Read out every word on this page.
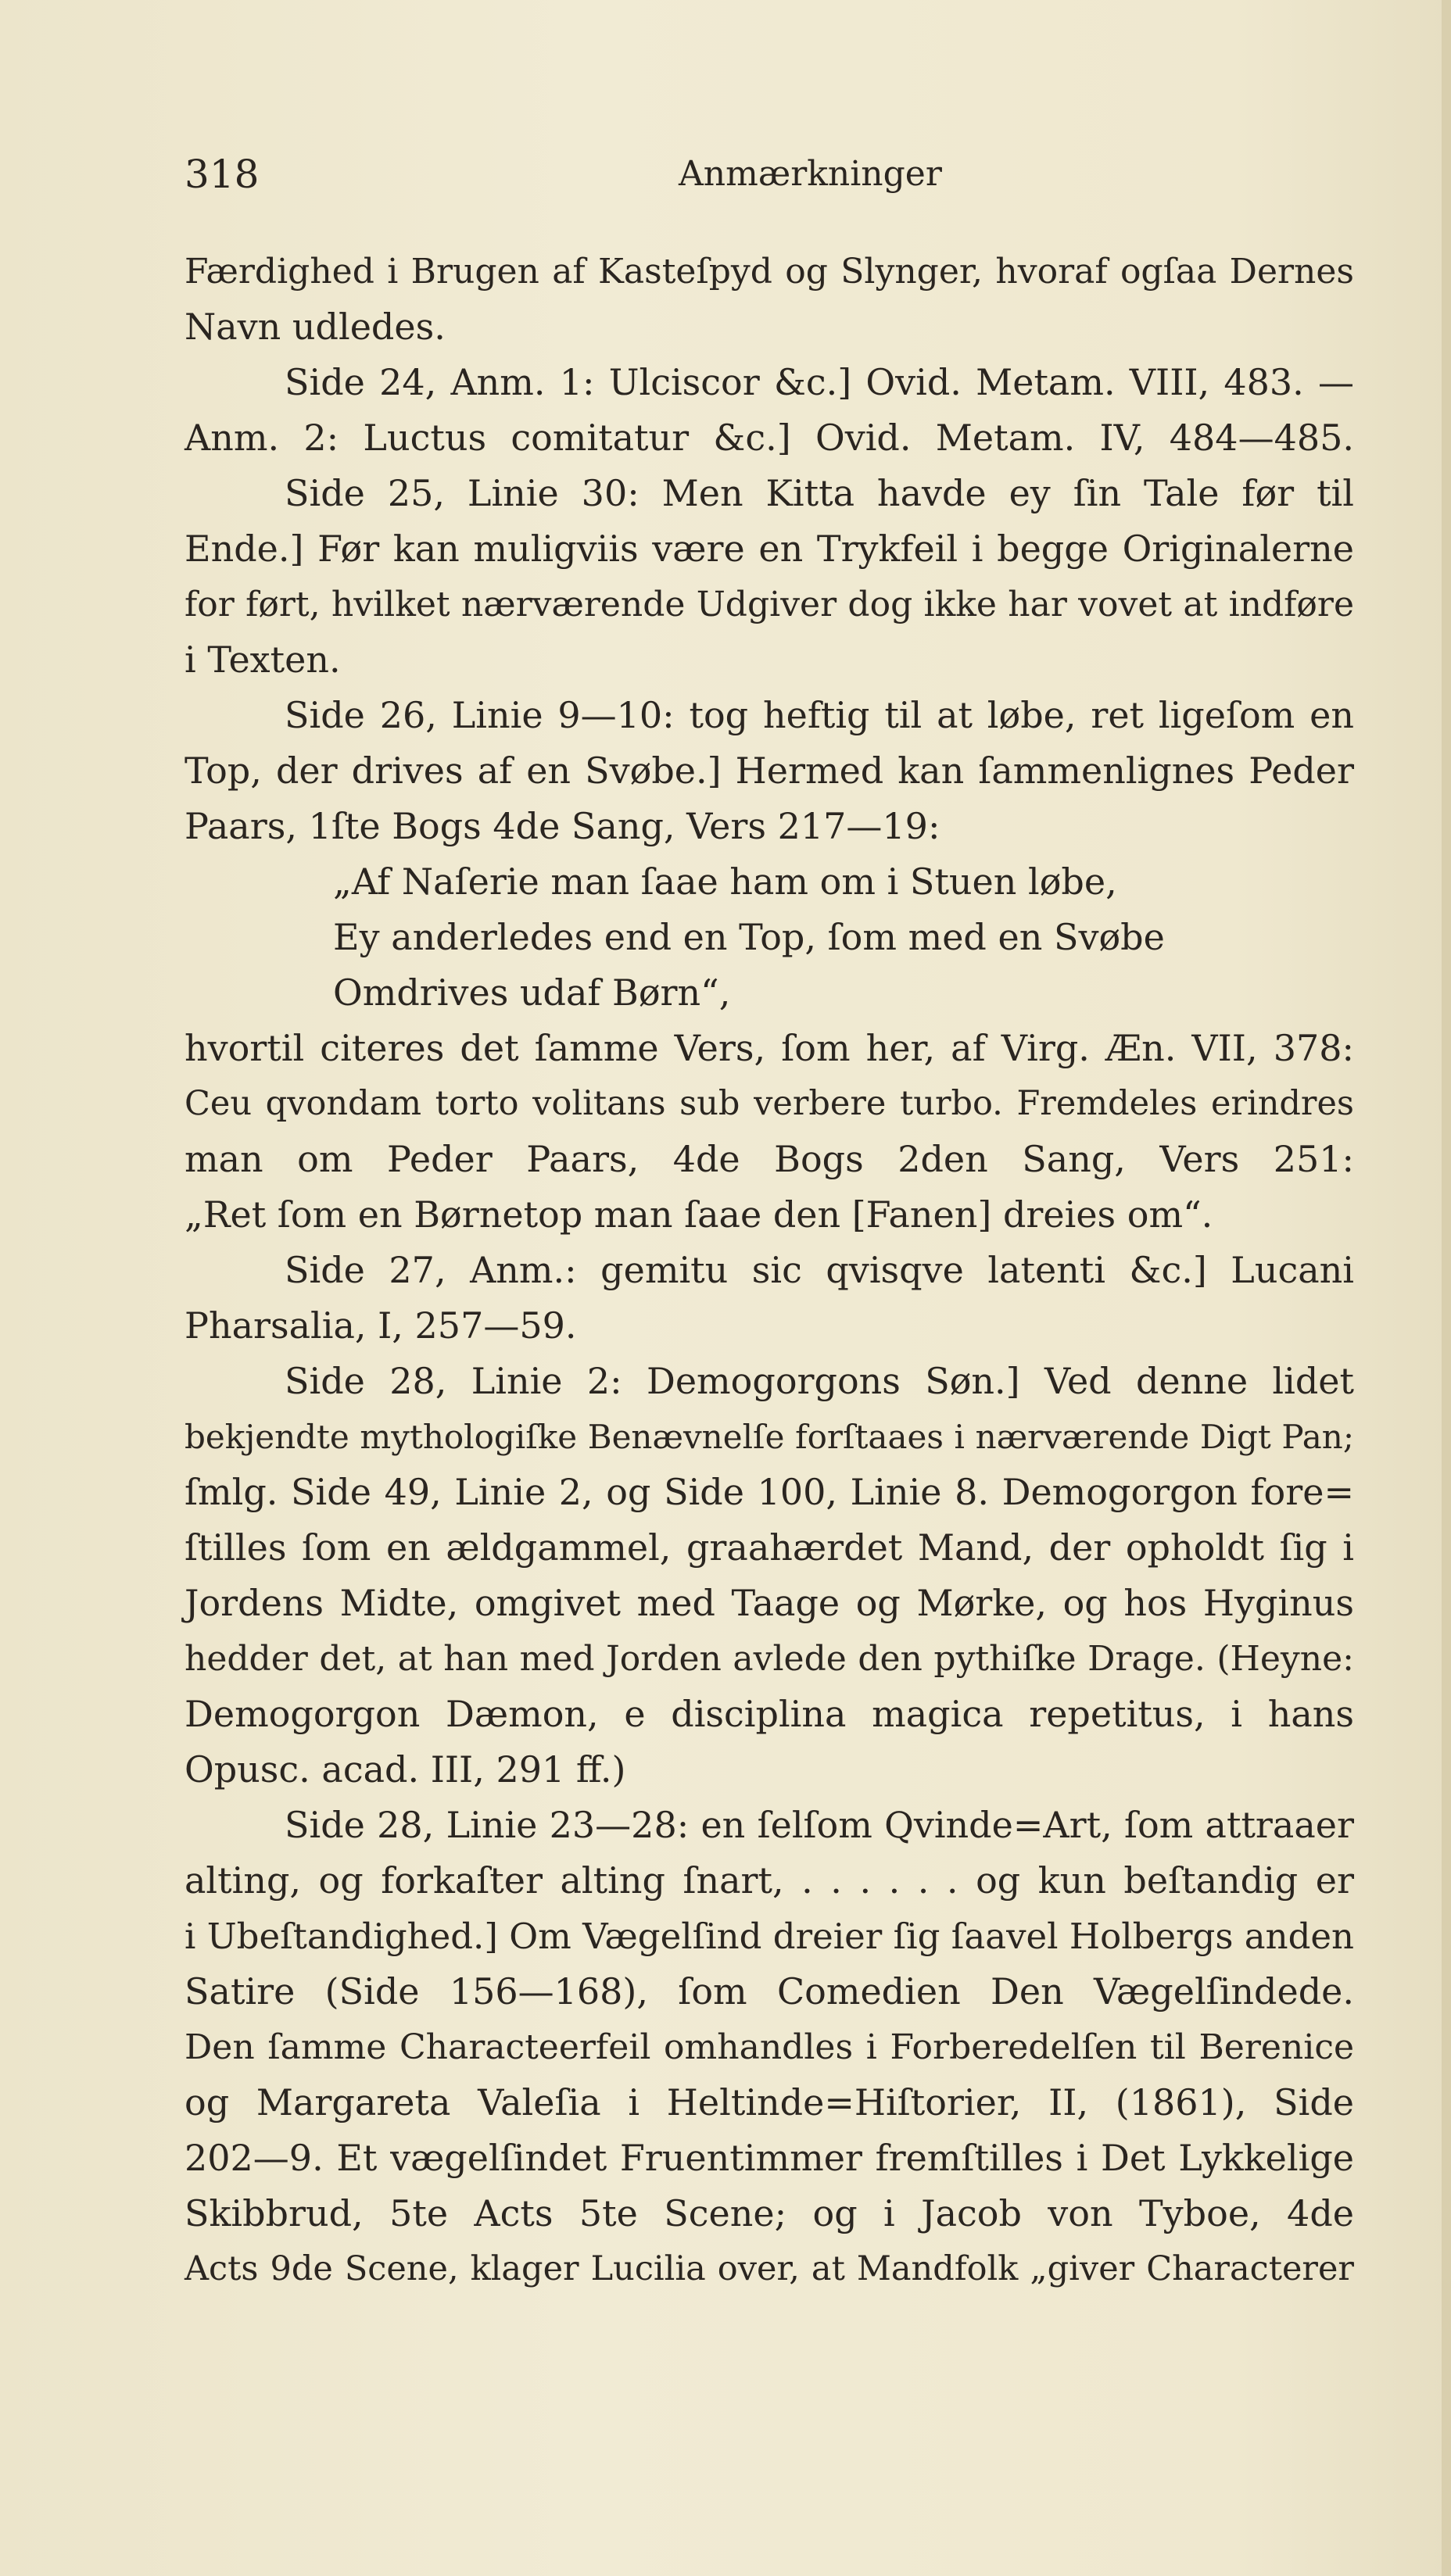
318	Anmærkninger
Færdighed i Brugen af Kasteſpyd og Slynger, hvoraf ogſaa Dernes
Navn udledes.
Side 24, Anm. 1: Ulciscor &c.] Ovid. Metam. VIII, 483. —
Anm. 2: Luctus comitatur &c.] Ovid. Metam. IV, 484—485.
Side 25, Linie 30: Men Kitta havde ey ſin Tale før til
Ende.] Før kan muligviis være en Trykfeil i begge Originalerne
for ført, hvilket nærværende Udgiver dog ikke har vovet at indføre
i Texten.
Side 26, Linie 9—10: tog heftig til at løbe, ret ligeſom en
Top, der drives af en Svøbe.] Hermed kan ſammenlignes Peder
Paars, 1ſte Bogs 4de Sang, Vers 217—19:
„Af Naſerie man ſaae ham om i Stuen løbe,
Ey anderledes end en Top, ſom med en Svøbe
Omdrives udaf Børn“,
hvortil citeres det ſamme Vers, ſom her, af Virg. Æn. VII, 378:
Ceu qvondam torto volitans sub verbere turbo. Fremdeles erindres
man om Peder Paars, 4de Bogs 2den Sang, Vers 251:
„Ret ſom en Børnetop man ſaae den [Fanen] dreies om“.
Side 27, Anm.: gemitu sic qvisqve latenti &c.] Lucani
Pharsalia, I, 257—59.
Side 28, Linie 2: Demogorgons Søn.] Ved denne lidet
bekjendte mythologiſke Benævnelſe forſtaaes i nærværende Digt Pan;
ſmlg. Side 49, Linie 2, og Side 100, Linie 8. Demogorgon fore=
ſtilles ſom en ældgammel, graahærdet Mand, der opholdt ſig i
Jordens Midte, omgivet med Taage og Mørke, og hos Hyginus
hedder det, at han med Jorden avlede den pythiſke Drage. (Heyne:
Demogorgon Dæmon, e disciplina magica repetitus, i hans
Opusc. acad. III, 291 ff.)
Side 28, Linie 23—28: en ſelſom Qvinde=Art, ſom attraaer
alting, og forkaſter alting ſnart, . . . . . . og kun beſtandig er
i Ubeſtandighed.] Om Vægelſind dreier ſig ſaavel Holbergs anden
Satire (Side 156—168), ſom Comedien Den Vægelſindede.
Den ſamme Characteerfeil omhandles i Forberedelſen til Berenice
og Margareta Valeſia i Heltinde=Hiſtorier, II, (1861), Side
202—9. Et vægelſindet Fruentimmer fremſtilles i Det Lykkelige
Skibbrud, 5te Acts 5te Scene; og i Jacob von Tyboe, 4de
Acts 9de Scene, klager Lucilia over, at Mandfolk „giver Characterer
